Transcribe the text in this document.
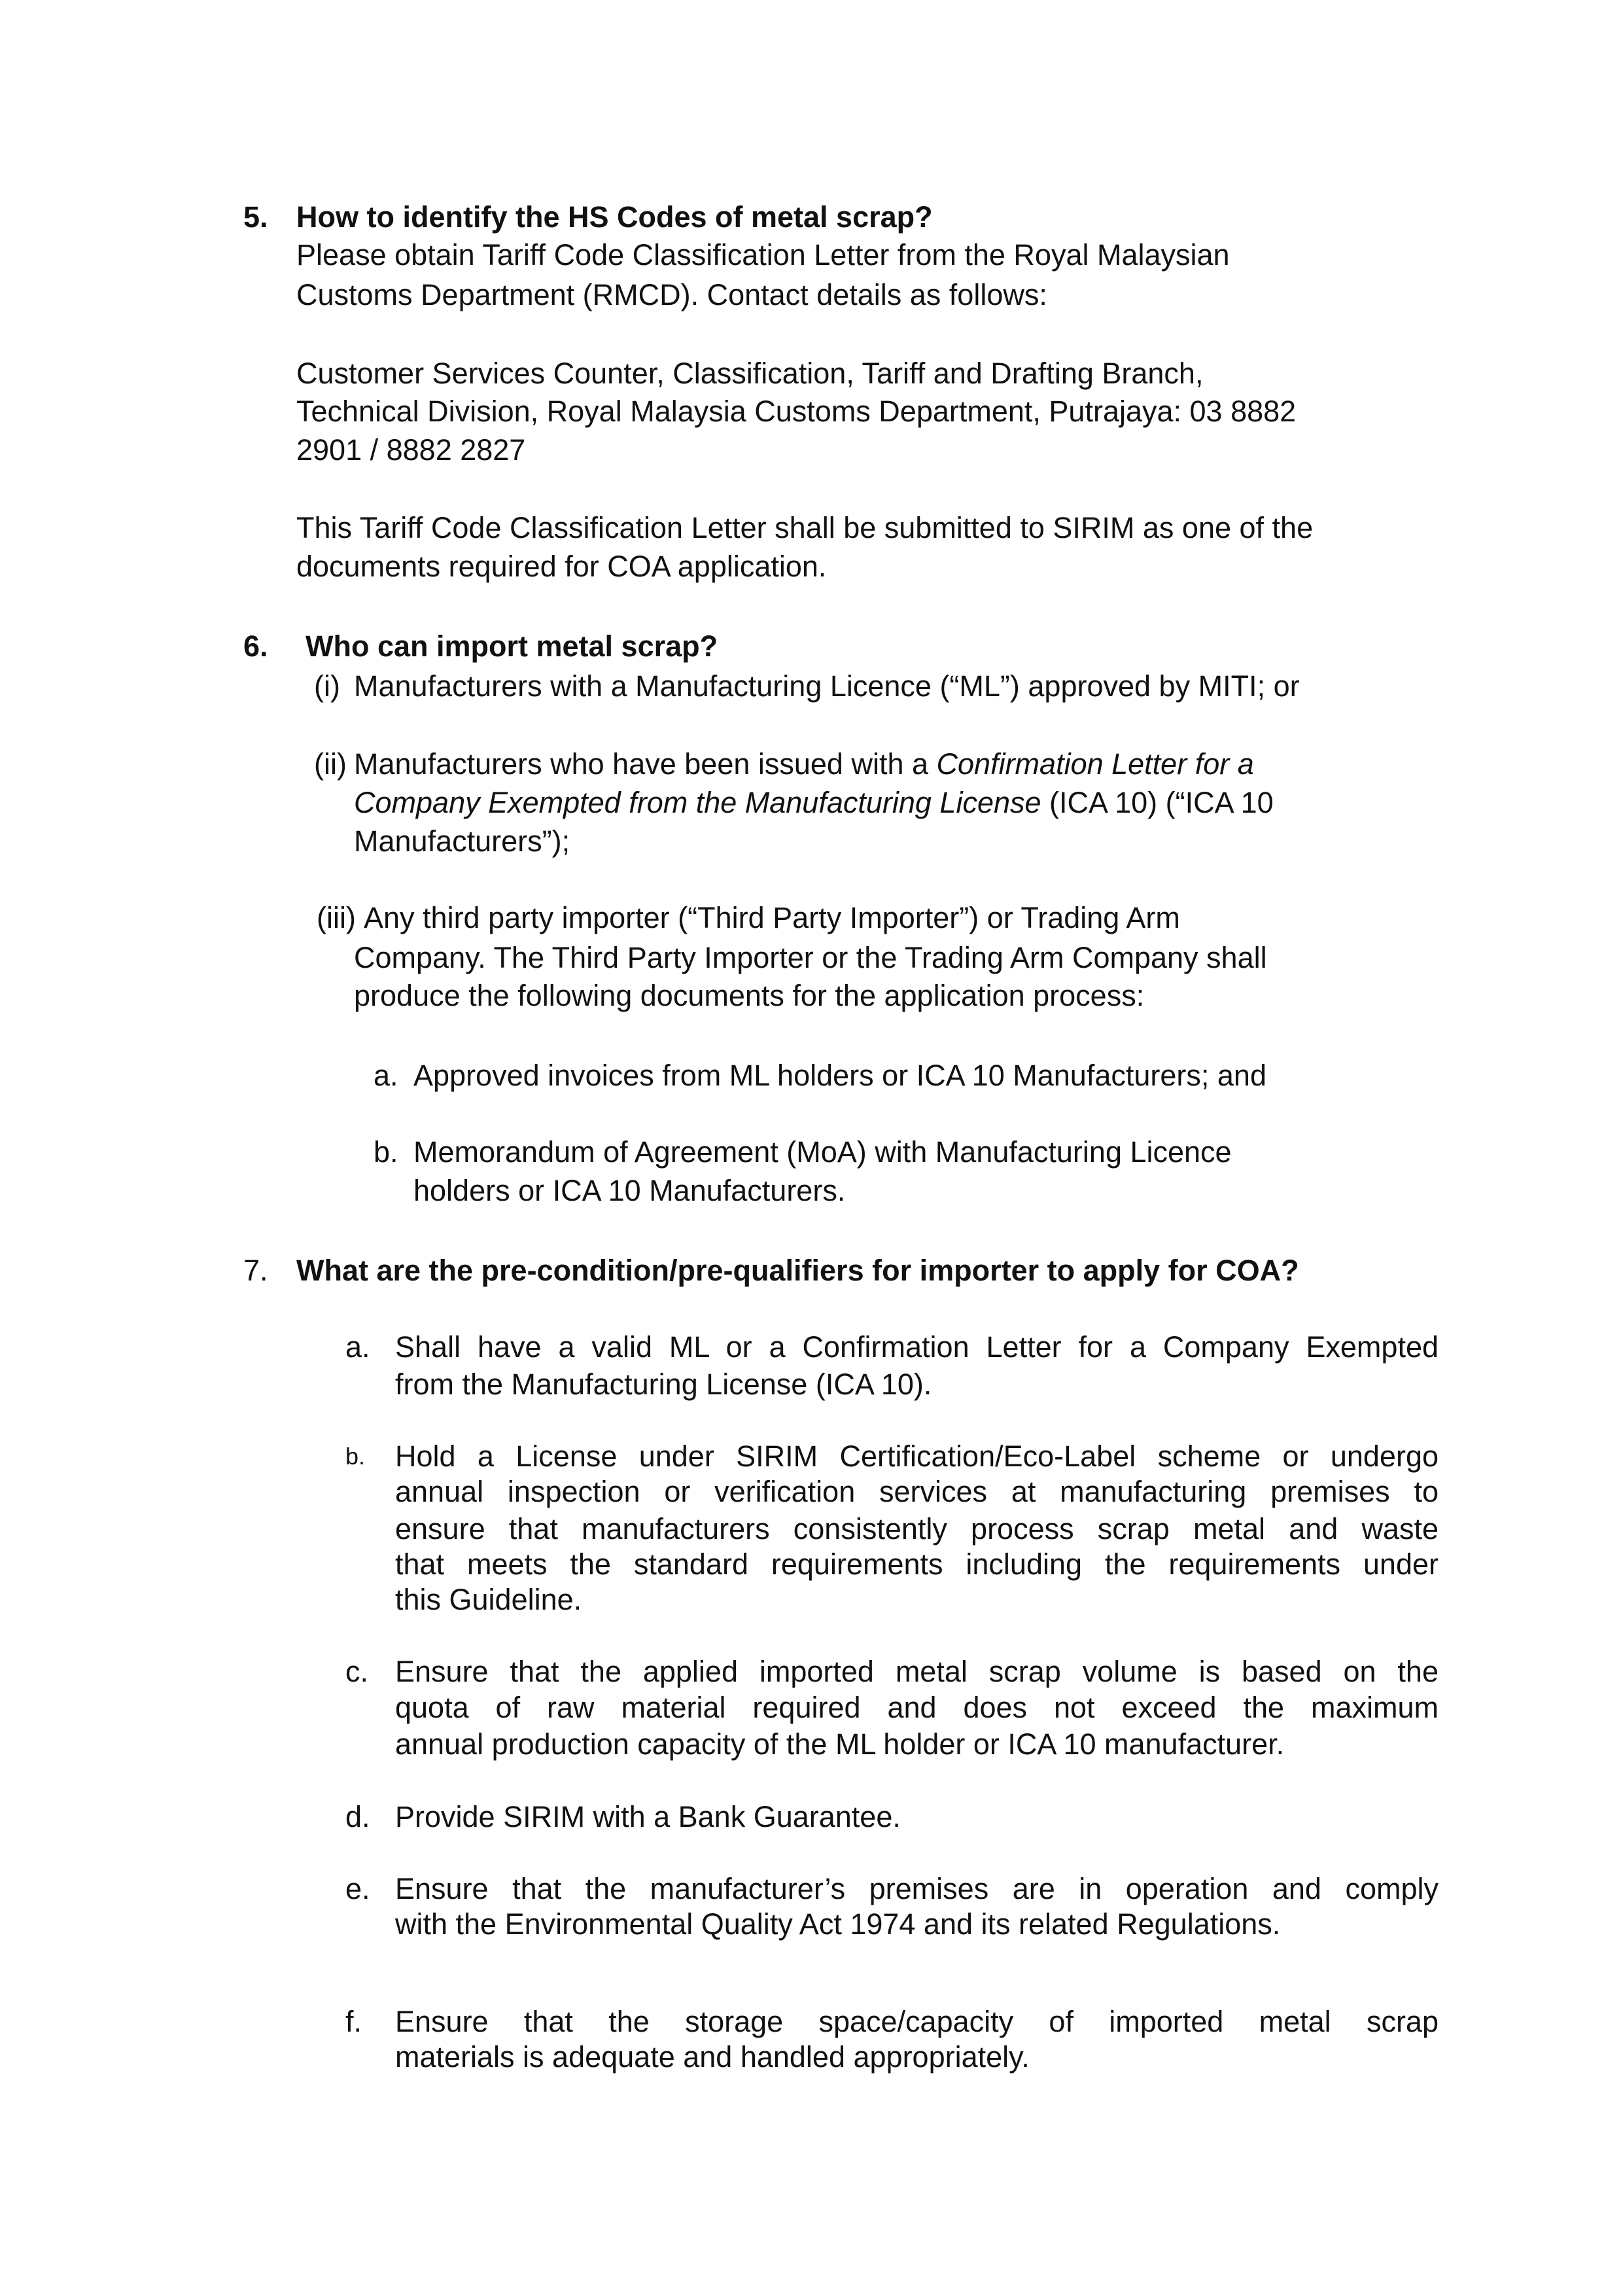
5. How to identify the HS Codes of metal scrap?
Please obtain Tariff Code Classification Letter from the Royal Malaysian
Customs Department (RMCD). Contact details as follows:
Customer Services Counter, Classification, Tariff and Drafting Branch,
Technical Division, Royal Malaysia Customs Department, Putrajaya: 03 8882
2901 / 8882 2827
This Tariff Code Classification Letter shall be submitted to SIRIM as one of the
documents required for COA application.
6. Who can import metal scrap?
(i) Manufacturers with a Manufacturing Licence (“ML”) approved by MITI; or
(ii) Manufacturers who have been issued with a Confirmation Letter for a
Company Exempted from the Manufacturing License (ICA 10) (“ICA 10
Manufacturers”);
(iii) Any third party importer (“Third Party Importer”) or Trading Arm
Company. The Third Party Importer or the Trading Arm Company shall
produce the following documents for the application process:
a. Approved invoices from ML holders or ICA 10 Manufacturers; and
b. Memorandum of Agreement (MoA) with Manufacturing Licence
holders or ICA 10 Manufacturers.
7. What are the pre-condition/pre-qualifiers for importer to apply for COA?
a. Shall have a valid ML or a Confirmation Letter for a Company Exempted
from the Manufacturing License (ICA 10).
b. Hold a License under SIRIM Certification/Eco-Label scheme or undergo
annual inspection or verification services at manufacturing premises to
ensure that manufacturers consistently process scrap metal and waste
that meets the standard requirements including the requirements under
this Guideline.
c. Ensure that the applied imported metal scrap volume is based on the
quota of raw material required and does not exceed the maximum
annual production capacity of the ML holder or ICA 10 manufacturer.
d. Provide SIRIM with a Bank Guarantee.
e. Ensure that the manufacturer’s premises are in operation and comply
with the Environmental Quality Act 1974 and its related Regulations.
f. Ensure that the storage space/capacity of imported metal scrap
materials is adequate and handled appropriately.
